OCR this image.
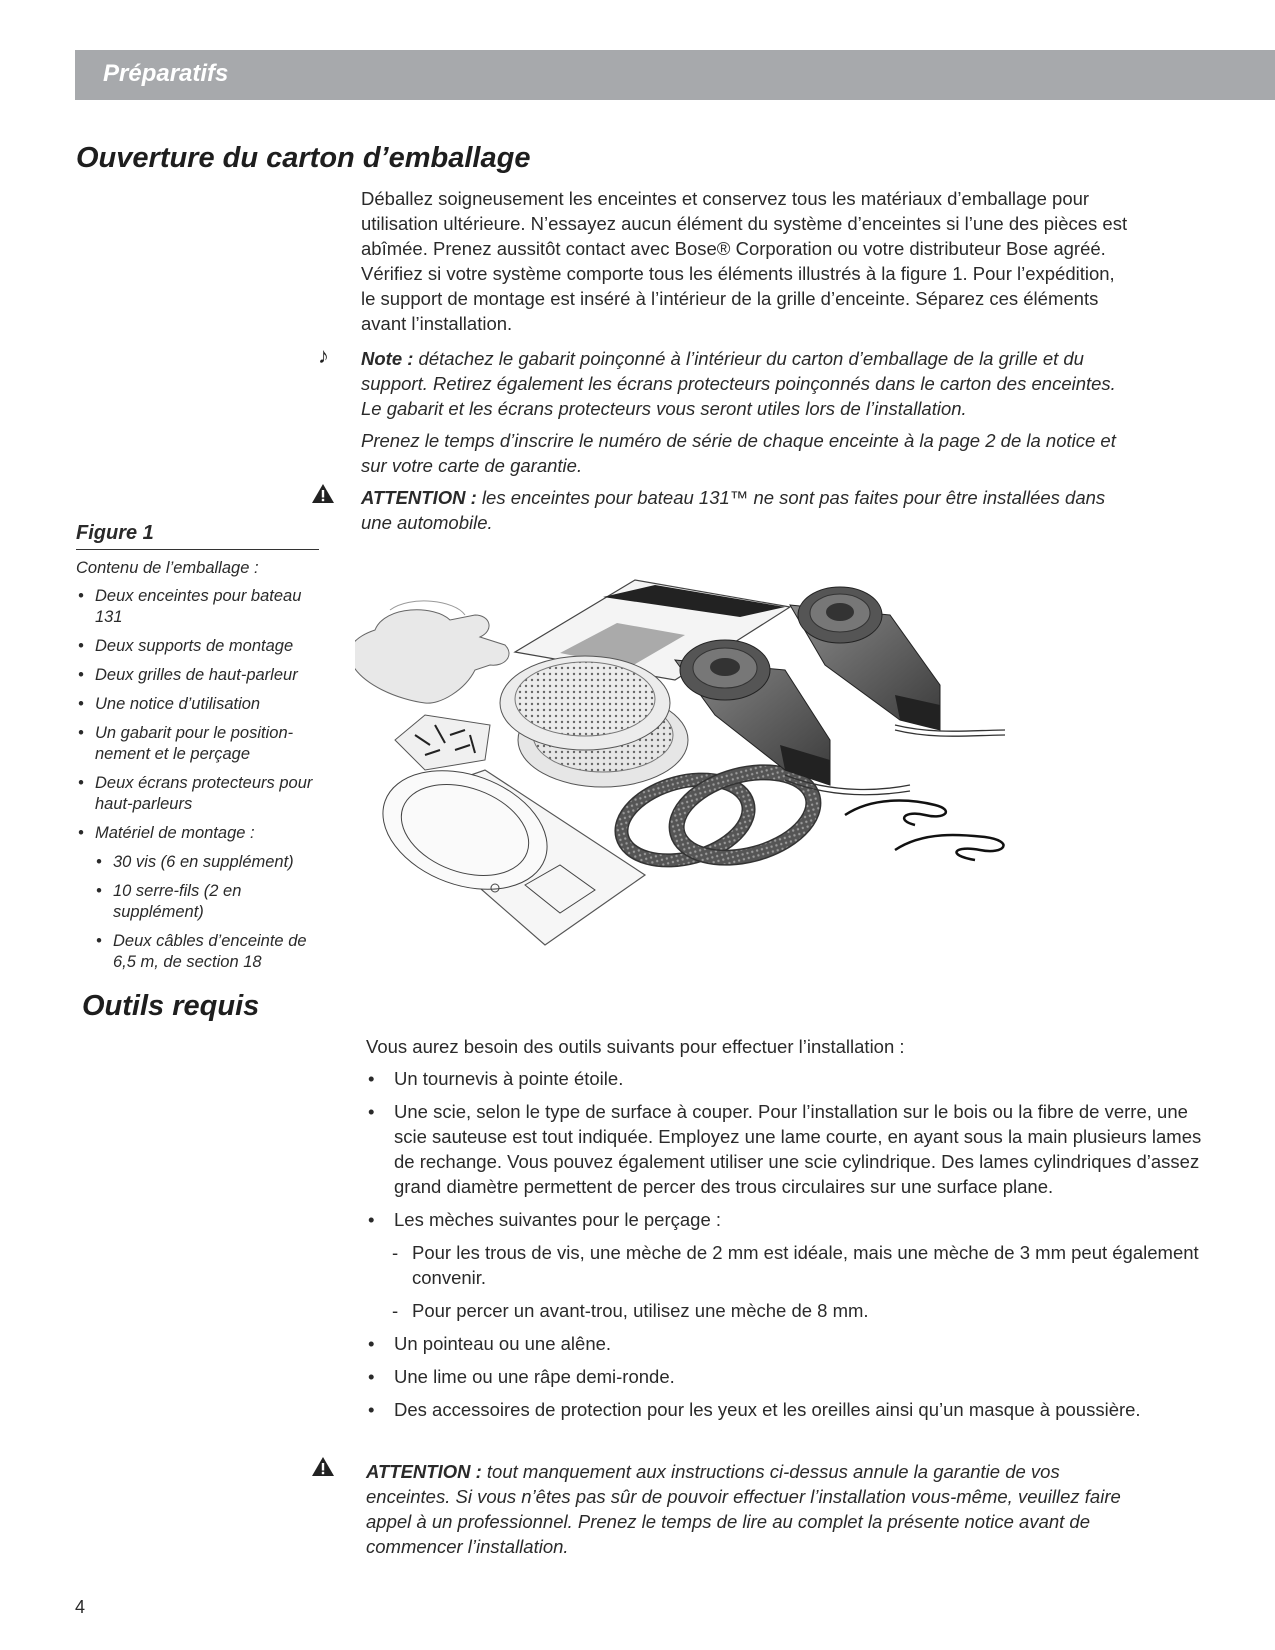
Préparatifs
Ouverture du carton d’emballage
Déballez soigneusement les enceintes et conservez tous les matériaux d’emballage pour
utilisation ultérieure. N’essayez aucun élément du système d’enceintes si l’une des pièces est
abîmée. Prenez aussitôt contact avec Bose® Corporation ou votre distributeur Bose agréé.
Vérifiez si votre système comporte tous les éléments illustrés à la figure 1. Pour l’expédition,
le support de montage est inséré à l’intérieur de la grille d’enceinte. Séparez ces éléments
avant l’installation.
♪ Note : détachez le gabarit poinçonné à l’intérieur du carton d’emballage de la grille et du
support. Retirez également les écrans protecteurs poinçonnés dans le carton des enceintes.
Le gabarit et les écrans protecteurs vous seront utiles lors de l’installation.
Prenez le temps d’inscrire le numéro de série de chaque enceinte à la page 2 de la notice et
sur votre carte de garantie.
ATTENTION : les enceintes pour bateau 131™ ne sont pas faites pour être installées dans
une automobile.
Figure 1
Contenu de l’emballage :
• Deux enceintes pour bateau 131
• Deux supports de montage
• Deux grilles de haut-parleur
• Une notice d’utilisation
• Un gabarit pour le position-nement et le perçage
• Deux écrans protecteurs pour haut-parleurs
• Matériel de montage :
• 30 vis (6 en supplément)
• 10 serre-fils (2 en supplément)
• Deux câbles d’enceinte de 6,5 m, de section 18
Outils requis
Vous aurez besoin des outils suivants pour effectuer l’installation :
• Un tournevis à pointe étoile.
• Une scie, selon le type de surface à couper. Pour l’installation sur le bois ou la fibre de verre, une scie sauteuse est tout indiquée. Employez une lame courte, en ayant sous la main plusieurs lames de rechange. Vous pouvez également utiliser une scie cylindrique. Des lames cylindriques d’assez grand diamètre permettent de percer des trous circulaires sur une surface plane.
• Les mèches suivantes pour le perçage :
- Pour les trous de vis, une mèche de 2 mm est idéale, mais une mèche de 3 mm peut également convenir.
- Pour percer un avant-trou, utilisez une mèche de 8 mm.
• Un pointeau ou une alêne.
• Une lime ou une râpe demi-ronde.
• Des accessoires de protection pour les yeux et les oreilles ainsi qu’un masque à poussière.
ATTENTION : tout manquement aux instructions ci-dessus annule la garantie de vos
enceintes. Si vous n’êtes pas sûr de pouvoir effectuer l’installation vous-même, veuillez faire
appel à un professionnel. Prenez le temps de lire au complet la présente notice avant de
commencer l’installation.
4
